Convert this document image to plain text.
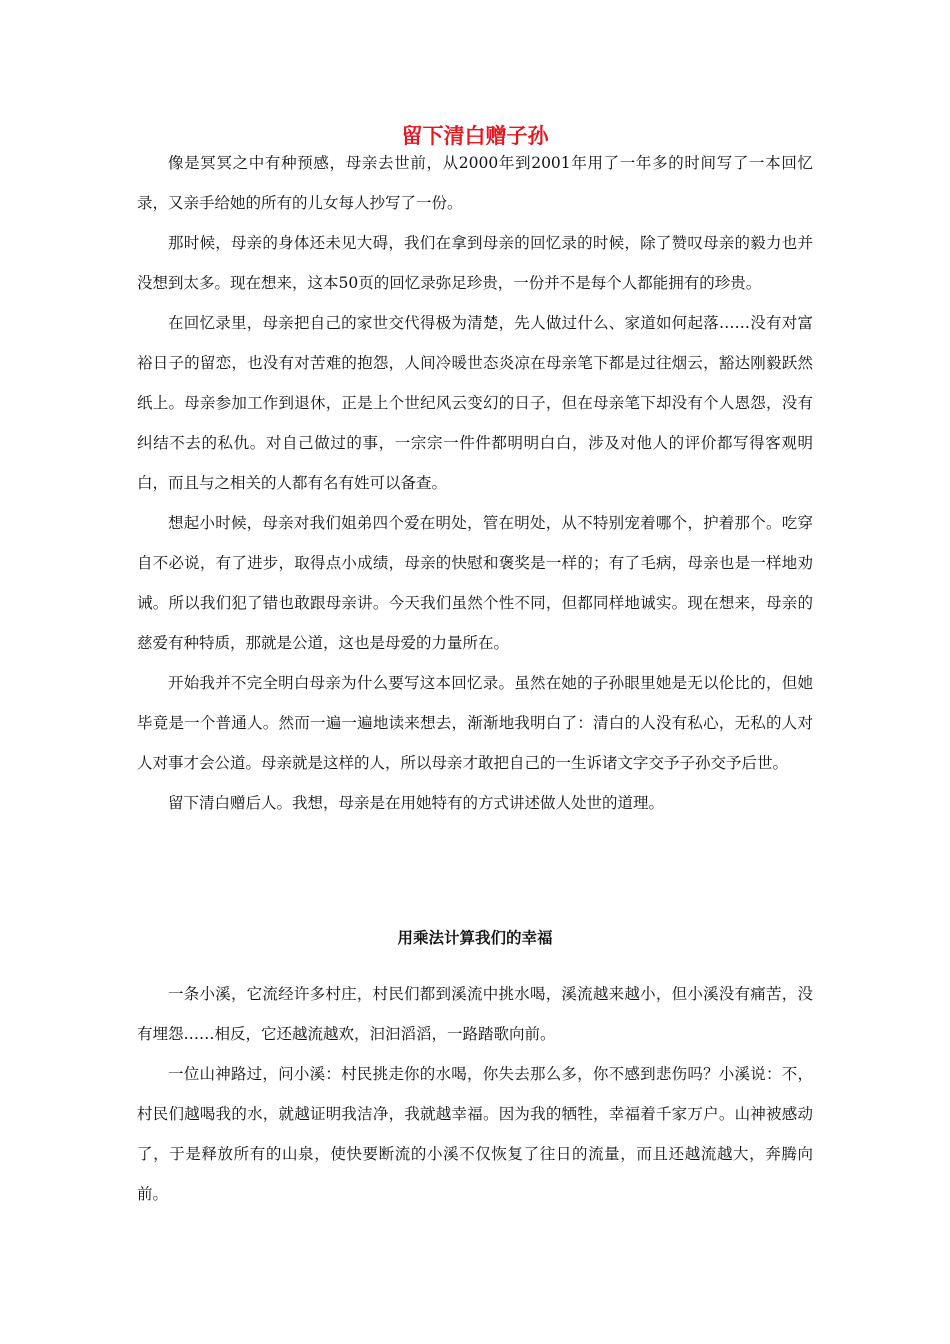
留下清白赠子孙

像是冥冥之中有种预感，母亲去世前，从2000年到2001年用了一年多的时间写了一本回忆录，又亲手给她的所有的儿女每人抄写了一份。

那时候，母亲的身体还未见大碍，我们在拿到母亲的回忆录的时候，除了赞叹母亲的毅力也并没想到太多。现在想来，这本50页的回忆录弥足珍贵，一份并不是每个人都能拥有的珍贵。

在回忆录里，母亲把自己的家世交代得极为清楚，先人做过什么、家道如何起落……没有对富裕日子的留恋，也没有对苦难的抱怨，人间冷暖世态炎凉在母亲笔下都是过往烟云，豁达刚毅跃然纸上。母亲参加工作到退休，正是上个世纪风云变幻的日子，但在母亲笔下却没有个人恩怨，没有纠结不去的私仇。对自己做过的事，一宗宗一件件都明明白白，涉及对他人的评价都写得客观明白，而且与之相关的人都有名有姓可以备查。

想起小时候，母亲对我们姐弟四个爱在明处，管在明处，从不特别宠着哪个，护着那个。吃穿自不必说，有了进步，取得点小成绩，母亲的快慰和褒奖是一样的；有了毛病，母亲也是一样地劝诫。所以我们犯了错也敢跟母亲讲。今天我们虽然个性不同，但都同样地诚实。现在想来，母亲的慈爱有种特质，那就是公道，这也是母爱的力量所在。

开始我并不完全明白母亲为什么要写这本回忆录。虽然在她的子孙眼里她是无以伦比的，但她毕竟是一个普通人。然而一遍一遍地读来想去，渐渐地我明白了：清白的人没有私心，无私的人对人对事才会公道。母亲就是这样的人，所以母亲才敢把自己的一生诉诸文字交予子孙交予后世。

留下清白赠后人。我想，母亲是在用她特有的方式讲述做人处世的道理。

用乘法计算我们的幸福

一条小溪，它流经许多村庄，村民们都到溪流中挑水喝，溪流越来越小，但小溪没有痛苦，没有埋怨……相反，它还越流越欢，汩汩滔滔，一路踏歌向前。

一位山神路过，问小溪：村民挑走你的水喝，你失去那么多，你不感到悲伤吗？小溪说：不，村民们越喝我的水，就越证明我洁净，我就越幸福。因为我的牺牲，幸福着千家万户。山神被感动了，于是释放所有的山泉，使快要断流的小溪不仅恢复了往日的流量，而且还越流越大，奔腾向前。
